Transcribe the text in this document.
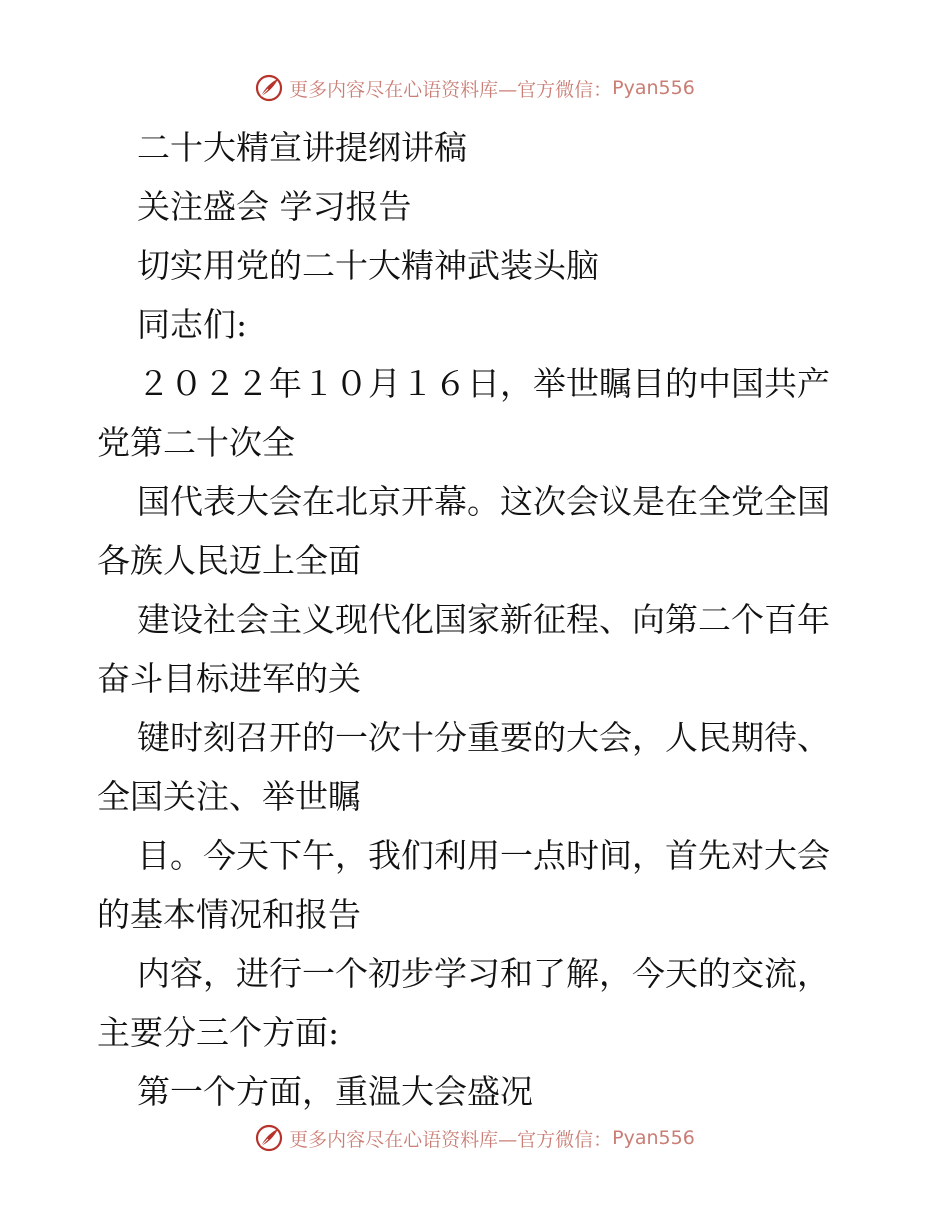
更多内容尽在心语资料库—官方微信： Pyan556
二十大精宣讲提纲讲稿
关注盛会 学习报告
切实用党的二十大精神武装头脑
同志们:
２０２２年１０月１６日，举世瞩目的中国共产
党第二十次全
国代表大会在北京开幕。这次会议是在全党全国
各族人民迈上全面
建设社会主义现代化国家新征程、向第二个百年
奋斗目标进军的关
键时刻召开的一次十分重要的大会，人民期待、
全国关注、举世瞩
目。今天下午，我们利用一点时间，首先对大会
的基本情况和报告
内容，进行一个初步学习和了解，今天的交流，
主要分三个方面:
第一个方面，重温大会盛况
更多内容尽在心语资料库—官方微信： Pyan556
